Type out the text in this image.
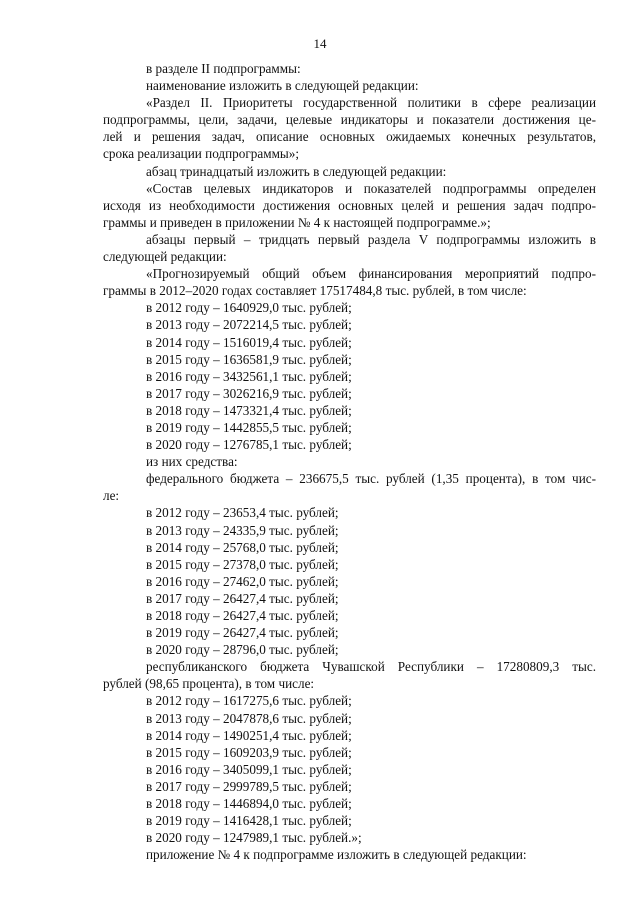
14
в разделе II подпрограммы:
наименование изложить в следующей редакции:
«Раздел II. Приоритеты государственной политики в сфере реализации
подпрограммы, цели, задачи, целевые индикаторы и показатели достижения це-
лей и решения задач, описание основных ожидаемых конечных результатов,
срока реализации подпрограммы»;
абзац тринадцатый изложить в следующей редакции:
«Состав целевых индикаторов и показателей подпрограммы определен
исходя из необходимости достижения основных целей и решения задач подпро-
граммы и приведен в приложении № 4 к настоящей подпрограмме.»;
абзацы первый – тридцать первый раздела V подпрограммы изложить в
следующей редакции:
«Прогнозируемый общий объем финансирования мероприятий подпро-
граммы в 2012–2020 годах составляет 17517484,8 тыс. рублей, в том числе:
в 2012 году – 1640929,0 тыс. рублей;
в 2013 году – 2072214,5 тыс. рублей;
в 2014 году – 1516019,4 тыс. рублей;
в 2015 году – 1636581,9 тыс. рублей;
в 2016 году – 3432561,1 тыс. рублей;
в 2017 году – 3026216,9 тыс. рублей;
в 2018 году – 1473321,4 тыс. рублей;
в 2019 году – 1442855,5 тыс. рублей;
в 2020 году – 1276785,1 тыс. рублей;
из них средства:
федерального бюджета – 236675,5 тыс. рублей (1,35 процента), в том чис-
ле:
в 2012 году – 23653,4 тыс. рублей;
в 2013 году – 24335,9 тыс. рублей;
в 2014 году – 25768,0 тыс. рублей;
в 2015 году – 27378,0 тыс. рублей;
в 2016 году – 27462,0 тыс. рублей;
в 2017 году – 26427,4 тыс. рублей;
в 2018 году – 26427,4 тыс. рублей;
в 2019 году – 26427,4 тыс. рублей;
в 2020 году – 28796,0 тыс. рублей;
республиканского бюджета Чувашской Республики – 17280809,3 тыс.
рублей (98,65 процента), в том числе:
в 2012 году – 1617275,6 тыс. рублей;
в 2013 году – 2047878,6 тыс. рублей;
в 2014 году – 1490251,4 тыс. рублей;
в 2015 году – 1609203,9 тыс. рублей;
в 2016 году – 3405099,1 тыс. рублей;
в 2017 году – 2999789,5 тыс. рублей;
в 2018 году – 1446894,0 тыс. рублей;
в 2019 году – 1416428,1 тыс. рублей;
в 2020 году – 1247989,1 тыс. рублей.»;
приложение № 4 к подпрограмме изложить в следующей редакции:
